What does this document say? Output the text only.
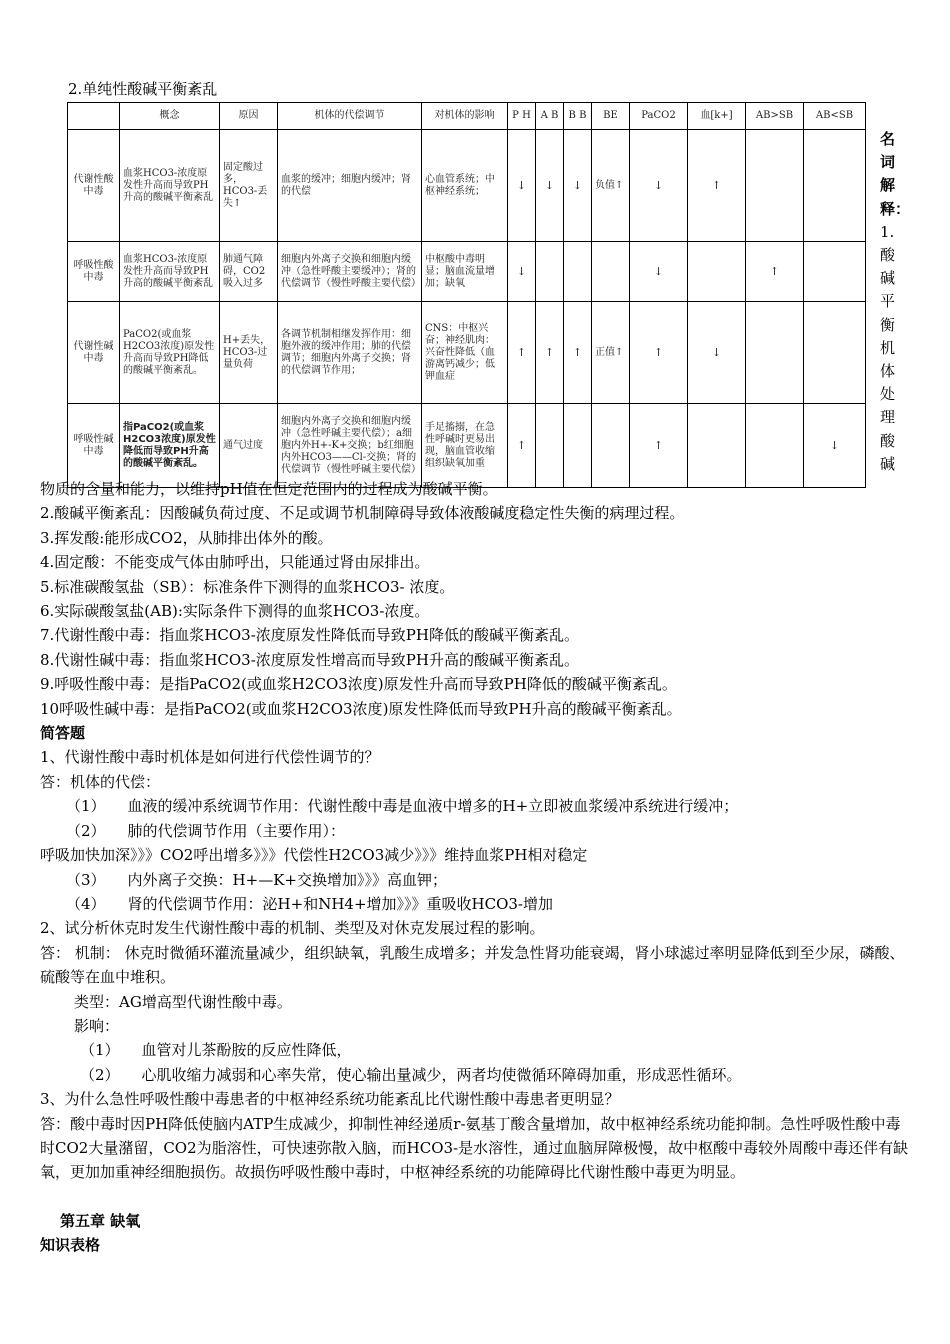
2.单纯性酸碱平衡紊乱
	概念	原因	机体的代偿调节	对机体的影响	P H	A B	B B	BE	PaCO2	血[k+]	AB>SB	AB<SB
代谢性酸中毒	血浆HCO3-浓度原发性升高而导致PH升高的酸碱平衡紊乱	固定酸过多，HCO3-丢失↑	血浆的缓冲；细胞内缓冲；肾的代偿	心血管系统；中枢神经系统；	↓	↓	↓	负值↑	↓	↑		
呼吸性酸中毒	血浆HCO3-浓度原发性升高而导致PH升高的酸碱平衡紊乱	肺通气障碍，CO2吸入过多	细胞内外离子交换和细胞内缓冲（急性呼酸主要缓冲）；肾的代偿调节（慢性呼酸主要代偿）	中枢酸中毒明显；脑血流量增加；缺氧	↓				↓		↑	
代谢性碱中毒	PaCO2(或血浆H2CO3浓度)原发性升高而导致PH降低的酸碱平衡紊乱。	H+丢失，HCO3-过量负荷	各调节机制相继发挥作用：细胞外液的缓冲作用；肺的代偿调节；细胞内外离子交换；肾的代偿调节作用；	CNS：中枢兴奋；神经肌肉：兴奋性降低（血游离钙减少；低钾血症	↑	↑	↑	正值↑	↑	↓		
呼吸性碱中毒	指PaCO2(或血浆H2CO3浓度)原发性降低而导致PH升高的酸碱平衡紊乱。	通气过度	细胞内外离子交换和细胞内缓冲（急性呼碱主要代偿）；a细胞内外H+-K+交换；b红细胞内外HCO3——Cl-交换；肾的代偿调节（慢性呼碱主要代偿）	手足搐搦，在急性呼碱时更易出现，脑血管收缩组织缺氧加重	↑				↑			↓
名
词
解
释：
1.酸
碱
平
衡
机
体
处
理
酸
碱

物质的含量和能力，以维持pH值在恒定范围内的过程成为酸碱平衡。

2.酸碱平衡紊乱：因酸碱负荷过度、不足或调节机制障碍导致体液酸碱度稳定性失衡的病理过程。

3.挥发酸:能形成CO2，从肺排出体外的酸。

4.固定酸：不能变成气体由肺呼出，只能通过肾由尿排出。

5.标准碳酸氢盐（SB）：标准条件下测得的血浆HCO3- 浓度。

6.实际碳酸氢盐(AB):实际条件下测得的血浆HCO3-浓度。

7.代谢性酸中毒：指血浆HCO3-浓度原发性降低而导致PH降低的酸碱平衡紊乱。

8.代谢性碱中毒：指血浆HCO3-浓度原发性增高而导致PH升高的酸碱平衡紊乱。

9.呼吸性酸中毒：是指PaCO2(或血浆H2CO3浓度)原发性升高而导致PH降低的酸碱平衡紊乱。

10呼吸性碱中毒：是指PaCO2(或血浆H2CO3浓度)原发性降低而导致PH升高的酸碱平衡紊乱。

简答题

1、代谢性酸中毒时机体是如何进行代偿性调节的？

答：机体的代偿：

（1） 血液的缓冲系统调节作用：代谢性酸中毒是血液中增多的H+立即被血浆缓冲系统进行缓冲；

（2） 肺的代偿调节作用（主要作用）：

呼吸加快加深》》》CO2呼出增多》》》代偿性H2CO3减少》》》维持血浆PH相对稳定

（3） 内外离子交换：H+—K+交换增加》》》高血钾；

（4） 肾的代偿调节作用：泌H+和NH4+增加》》》重吸收HCO3-增加

2、试分析休克时发生代谢性酸中毒的机制、类型及对休克发展过程的影响。

答： 机制： 休克时微循环灌流量减少，组织缺氧，乳酸生成增多；并发急性肾功能衰竭，肾小球滤过率明显降低到至少尿，磷酸、硫酸等在血中堆积。

类型：AG增高型代谢性酸中毒。

影响：

（1） 血管对儿茶酚胺的反应性降低，

（2） 心肌收缩力减弱和心率失常，使心输出量减少，两者均使微循环障碍加重，形成恶性循环。

3、为什么急性呼吸性酸中毒患者的中枢神经系统功能紊乱比代谢性酸中毒患者更明显？

答：酸中毒时因PH降低使脑内ATP生成减少，抑制性神经递质r-氨基丁酸含量增加，故中枢神经系统功能抑制。急性呼吸性酸中毒时CO2大量潴留，CO2为脂溶性，可快速弥散入脑，而HCO3-是水溶性，通过血脑屏障极慢，故中枢酸中毒较外周酸中毒还伴有缺氧，更加加重神经细胞损伤。故损伤呼吸性酸中毒时，中枢神经系统的功能障碍比代谢性酸中毒更为明显。

第五章 缺氧

知识表格
